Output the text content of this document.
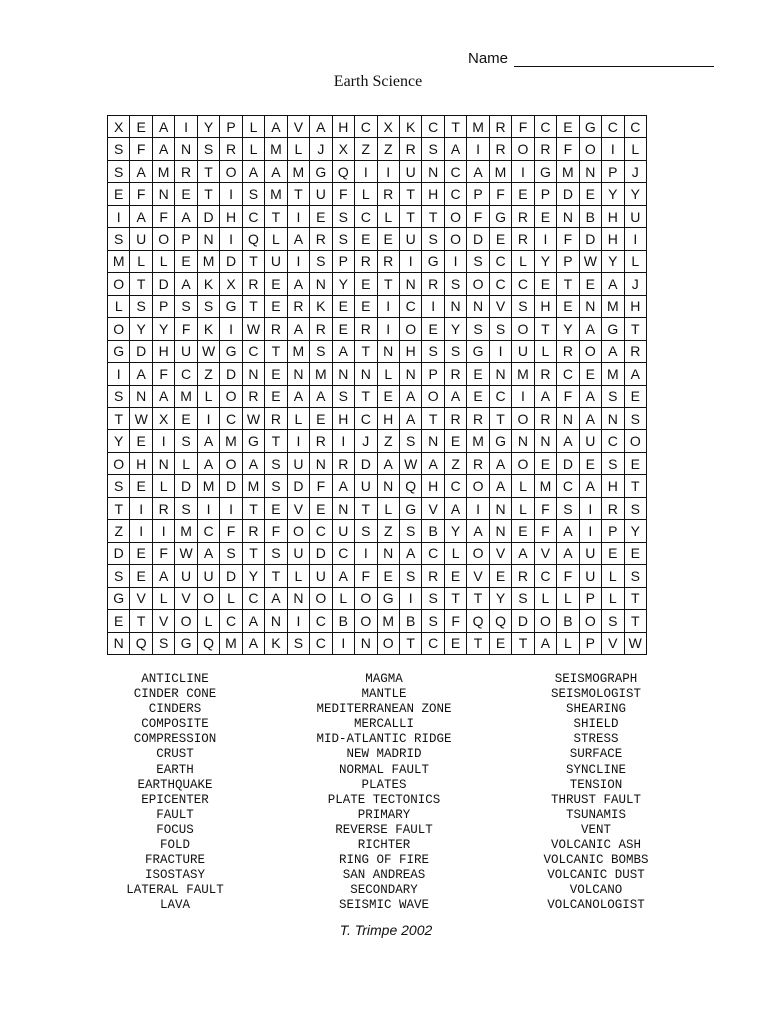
Name
Earth Science
X E A	I	Y P L A V A H C X K C T M R F C E G C C
S F A N S R L M L	J	X Z Z R S A	I	R O R F O	I	L
S A M R T O A A M G Q	I	I	U N C A M	I	G M N P	J
E F N E T	I	S M T U F	L R T H C P F E P D E Y Y
I	A F A D H C T	I	E S C L	T T O F G R E N B H U
S U O P N	I	Q L A R S E E U S O D E R	I	F D H	I
M L	L E M D T U	I	S P R R	I	G	I	S C L Y P W Y L
O T D A K X R E A N Y E T N R S O C C E T E A	J
L S P S S G T E R K E E	I	C	I	N N V S H E N M H
O Y Y F K	I W R A R E R	I	O E Y S S O T Y A G T
G D H U W G C T M S A T N H S S G	I	U L R O A R
I	A F C Z D N E N M N N L N P R E N M R C E M A
S N A M L O R E A A S T E A O A E C	I	A F A S E
T W X E	I	C W R L E H C H A T R R T O R N A N S
Y E	I	S A M G T	I	R	I	J	Z S N E M G N N A U C O
O H N L A O A S U N R D A W A Z R A O E D E S E
S E L D M D M S D F A U N Q H C O A L M C A H T
T	I	R S	I	I	T E V E N T	L G V A	I	N L	F S	I	R S
Z	I	I	M C F R F O C U S Z S B Y A N E F A	I	P Y
D E F W A S T S U D C	I	N A C L O V A V A U E E
S E A U U D Y T	L U A F E S R E V E R C F U L S
G V L V O L C A N O L O G	I	S T T Y S L	L P L	T
E T V O L C A N	I	C B O M B S F Q Q D O B O S T
N Q S G Q M A K S C	I	N O T C E T E T A L P V W
ANTICLINE
CINDER CONE
CINDERS
COMPOSITE
COMPRESSION
CRUST
EARTH
EARTHQUAKE
EPICENTER
FAULT
FOCUS
FOLD
FRACTURE
ISOSTASY
LATERAL FAULT
LAVA
MAGMA
MANTLE
MEDITERRANEAN ZONE
MERCALLI
MID-ATLANTIC RIDGE
NEW MADRID
NORMAL FAULT
PLATES
PLATE TECTONICS
PRIMARY
REVERSE FAULT
RICHTER
RING OF FIRE
SAN ANDREAS
SECONDARY
SEISMIC WAVE
SEISMOGRAPH
SEISMOLOGIST
SHEARING
SHIELD
STRESS
SURFACE
SYNCLINE
TENSION
THRUST FAULT
TSUNAMIS
VENT
VOLCANIC ASH
VOLCANIC BOMBS
VOLCANIC DUST
VOLCANO
VOLCANOLOGIST
T. Trimpe 2002
